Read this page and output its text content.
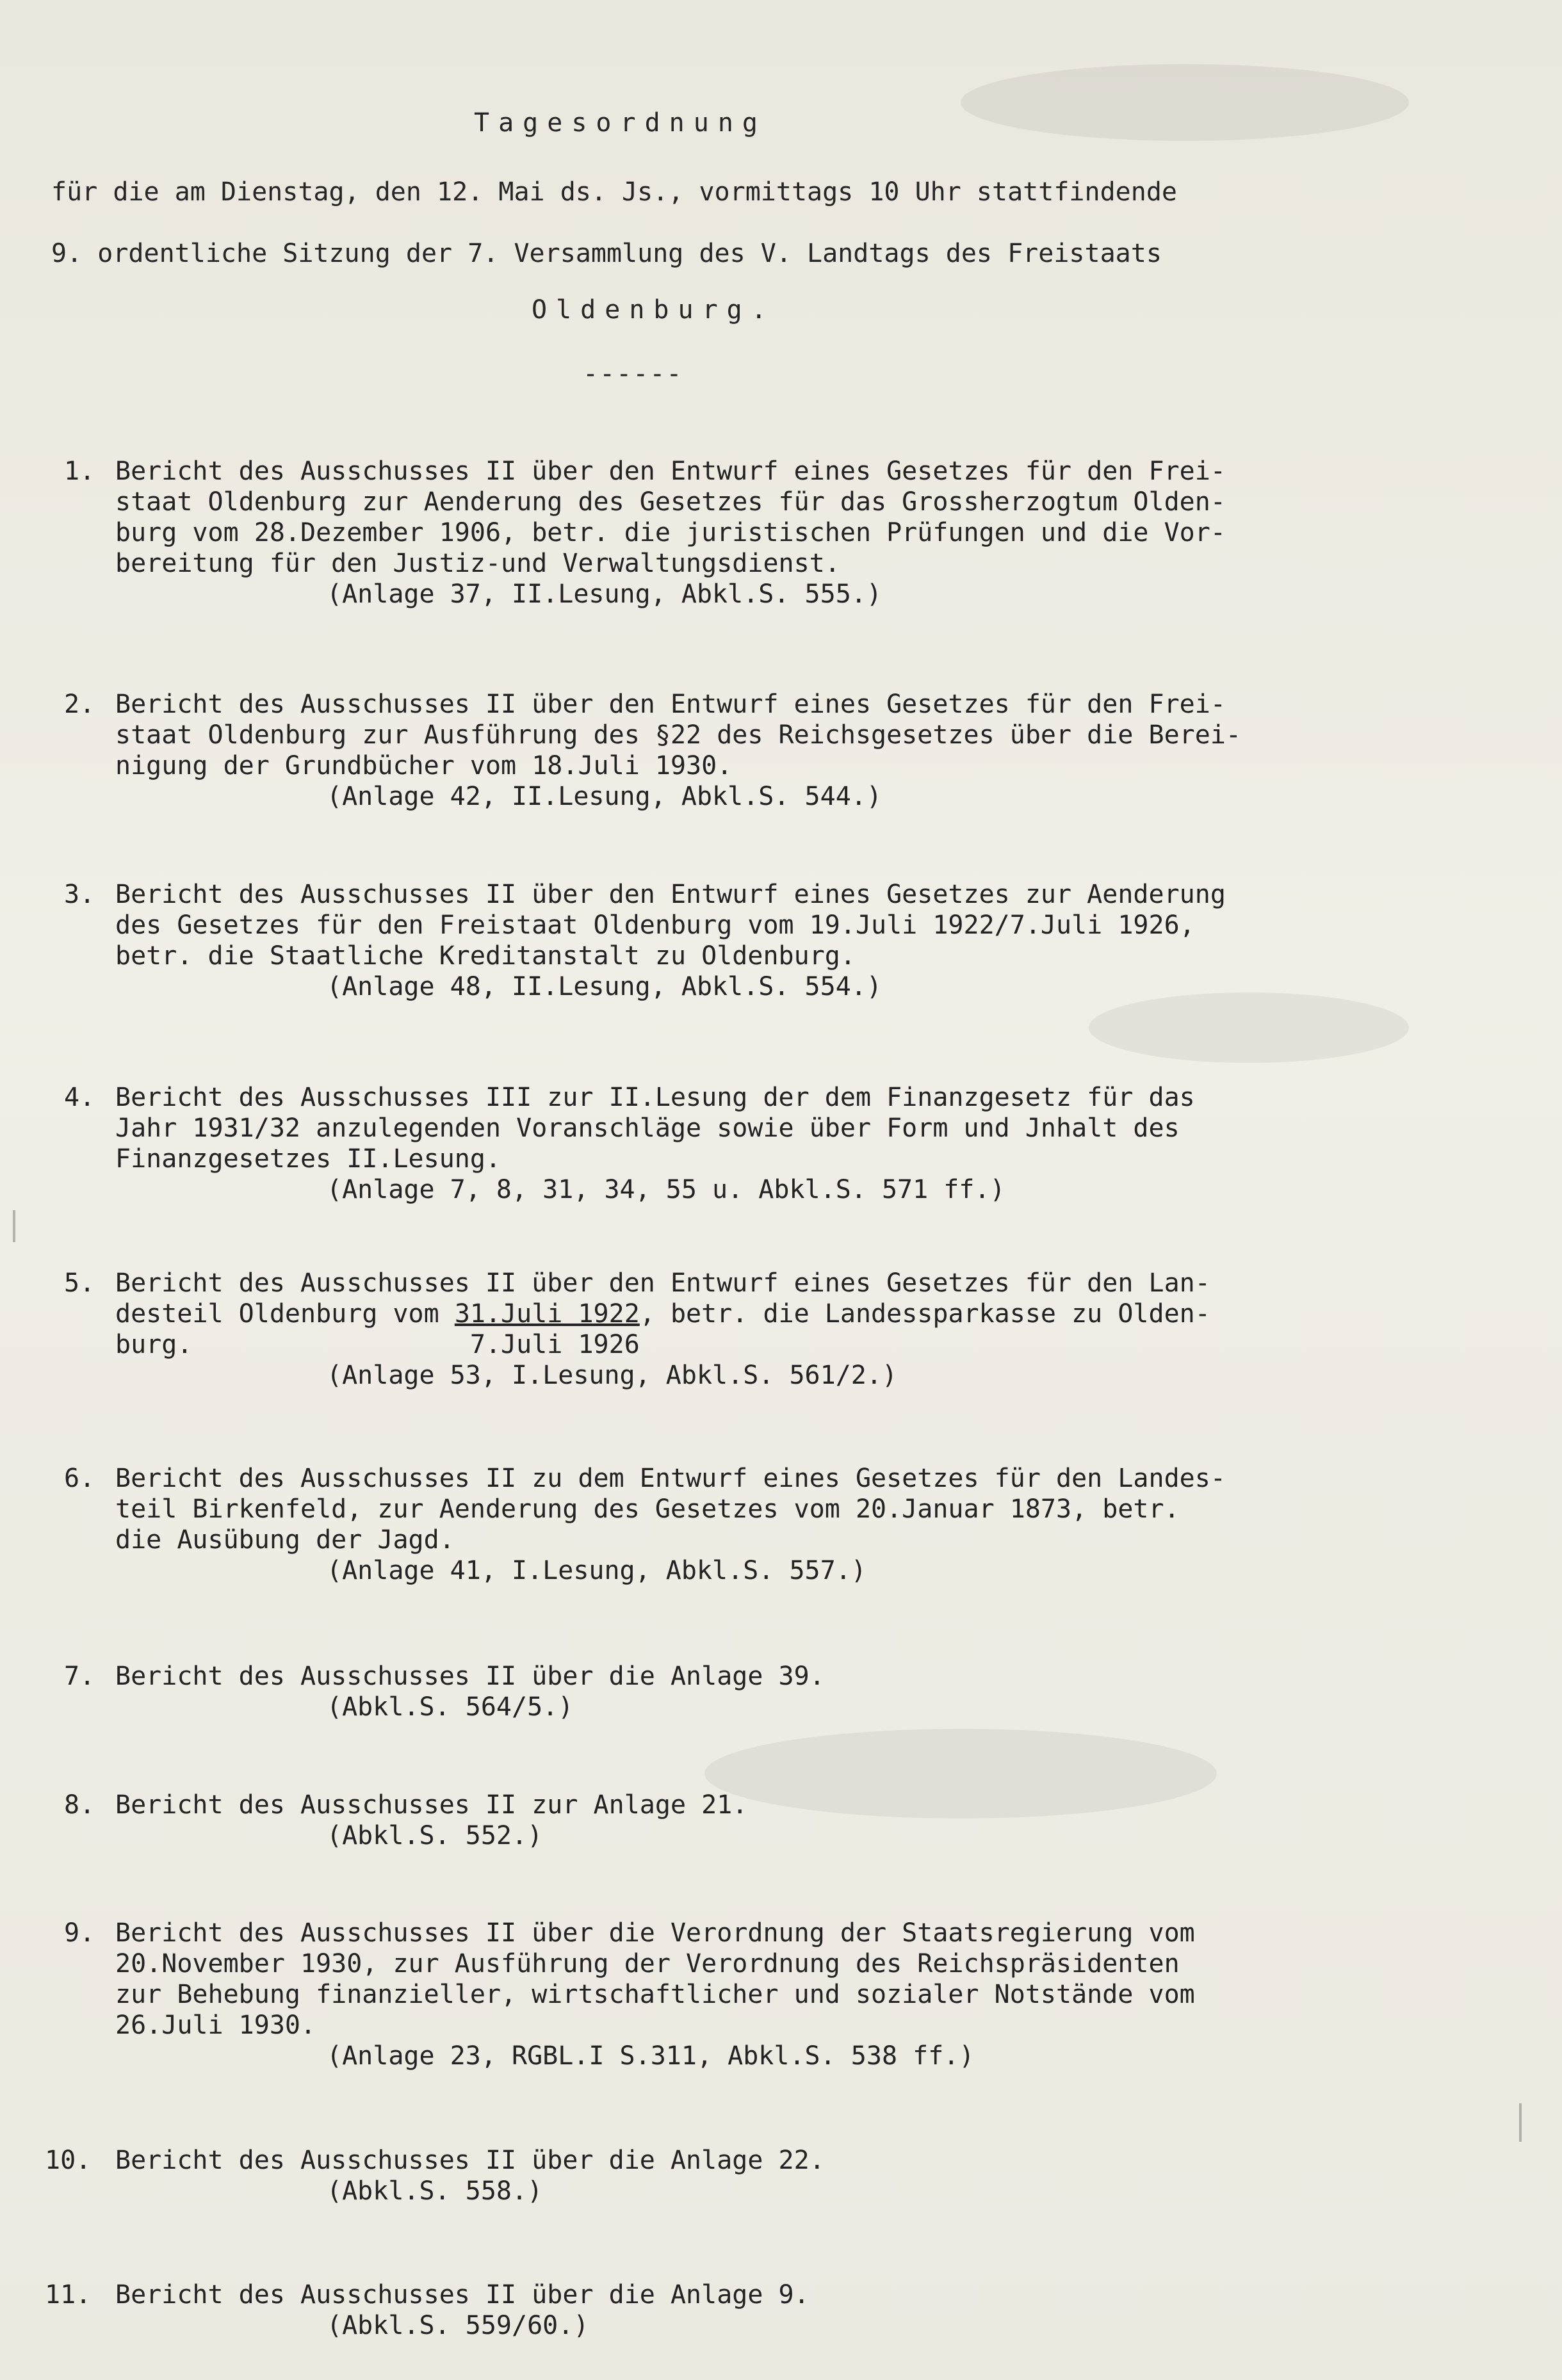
Tagesordnung
für die am Dienstag, den 12. Mai ds. Js., vormittags 10 Uhr stattfindende
9. ordentliche Sitzung der 7. Versammlung des V. Landtags des Freistaats
Oldenburg.
------
1. Bericht des Ausschusses II über den Entwurf eines Gesetzes für den Frei-
staat Oldenburg zur Aenderung des Gesetzes für das Grossherzogtum Olden-
burg vom 28.Dezember 1906, betr. die juristischen Prüfungen und die Vor-
bereitung für den Justiz-und Verwaltungsdienst.
(Anlage 37, II.Lesung, Abkl.S. 555.)
2. Bericht des Ausschusses II über den Entwurf eines Gesetzes für den Frei-
staat Oldenburg zur Ausführung des §22 des Reichsgesetzes über die Berei-
nigung der Grundbücher vom 18.Juli 1930.
(Anlage 42, II.Lesung, Abkl.S. 544.)
3. Bericht des Ausschusses II über den Entwurf eines Gesetzes zur Aenderung
des Gesetzes für den Freistaat Oldenburg vom 19.Juli 1922/7.Juli 1926,
betr. die Staatliche Kreditanstalt zu Oldenburg.
(Anlage 48, II.Lesung, Abkl.S. 554.)
4. Bericht des Ausschusses III zur II.Lesung der dem Finanzgesetz für das
Jahr 1931/32 anzulegenden Voranschläge sowie über Form und Jnhalt des
Finanzgesetzes II.Lesung.
(Anlage 7, 8, 31, 34, 55 u. Abkl.S. 571 ff.)
5. Bericht des Ausschusses II über den Entwurf eines Gesetzes für den Lan-
desteil Oldenburg vom 31.Juli 1922, betr. die Landessparkasse zu Olden-
burg.                  7.Juli 1926
(Anlage 53, I.Lesung, Abkl.S. 561/2.)
6. Bericht des Ausschusses II zu dem Entwurf eines Gesetzes für den Landes-
teil Birkenfeld, zur Aenderung des Gesetzes vom 20.Januar 1873, betr.
die Ausübung der Jagd.
(Anlage 41, I.Lesung, Abkl.S. 557.)
7. Bericht des Ausschusses II über die Anlage 39.
(Abkl.S. 564/5.)
8. Bericht des Ausschusses II zur Anlage 21.
(Abkl.S. 552.)
9. Bericht des Ausschusses II über die Verordnung der Staatsregierung vom
20.November 1930, zur Ausführung der Verordnung des Reichspräsidenten
zur Behebung finanzieller, wirtschaftlicher und sozialer Notstände vom
26.Juli 1930.
(Anlage 23, RGBL.I S.311, Abkl.S. 538 ff.)
10. Bericht des Ausschusses II über die Anlage 22.
(Abkl.S. 558.)
11. Bericht des Ausschusses II über die Anlage 9.
(Abkl.S. 559/60.)
